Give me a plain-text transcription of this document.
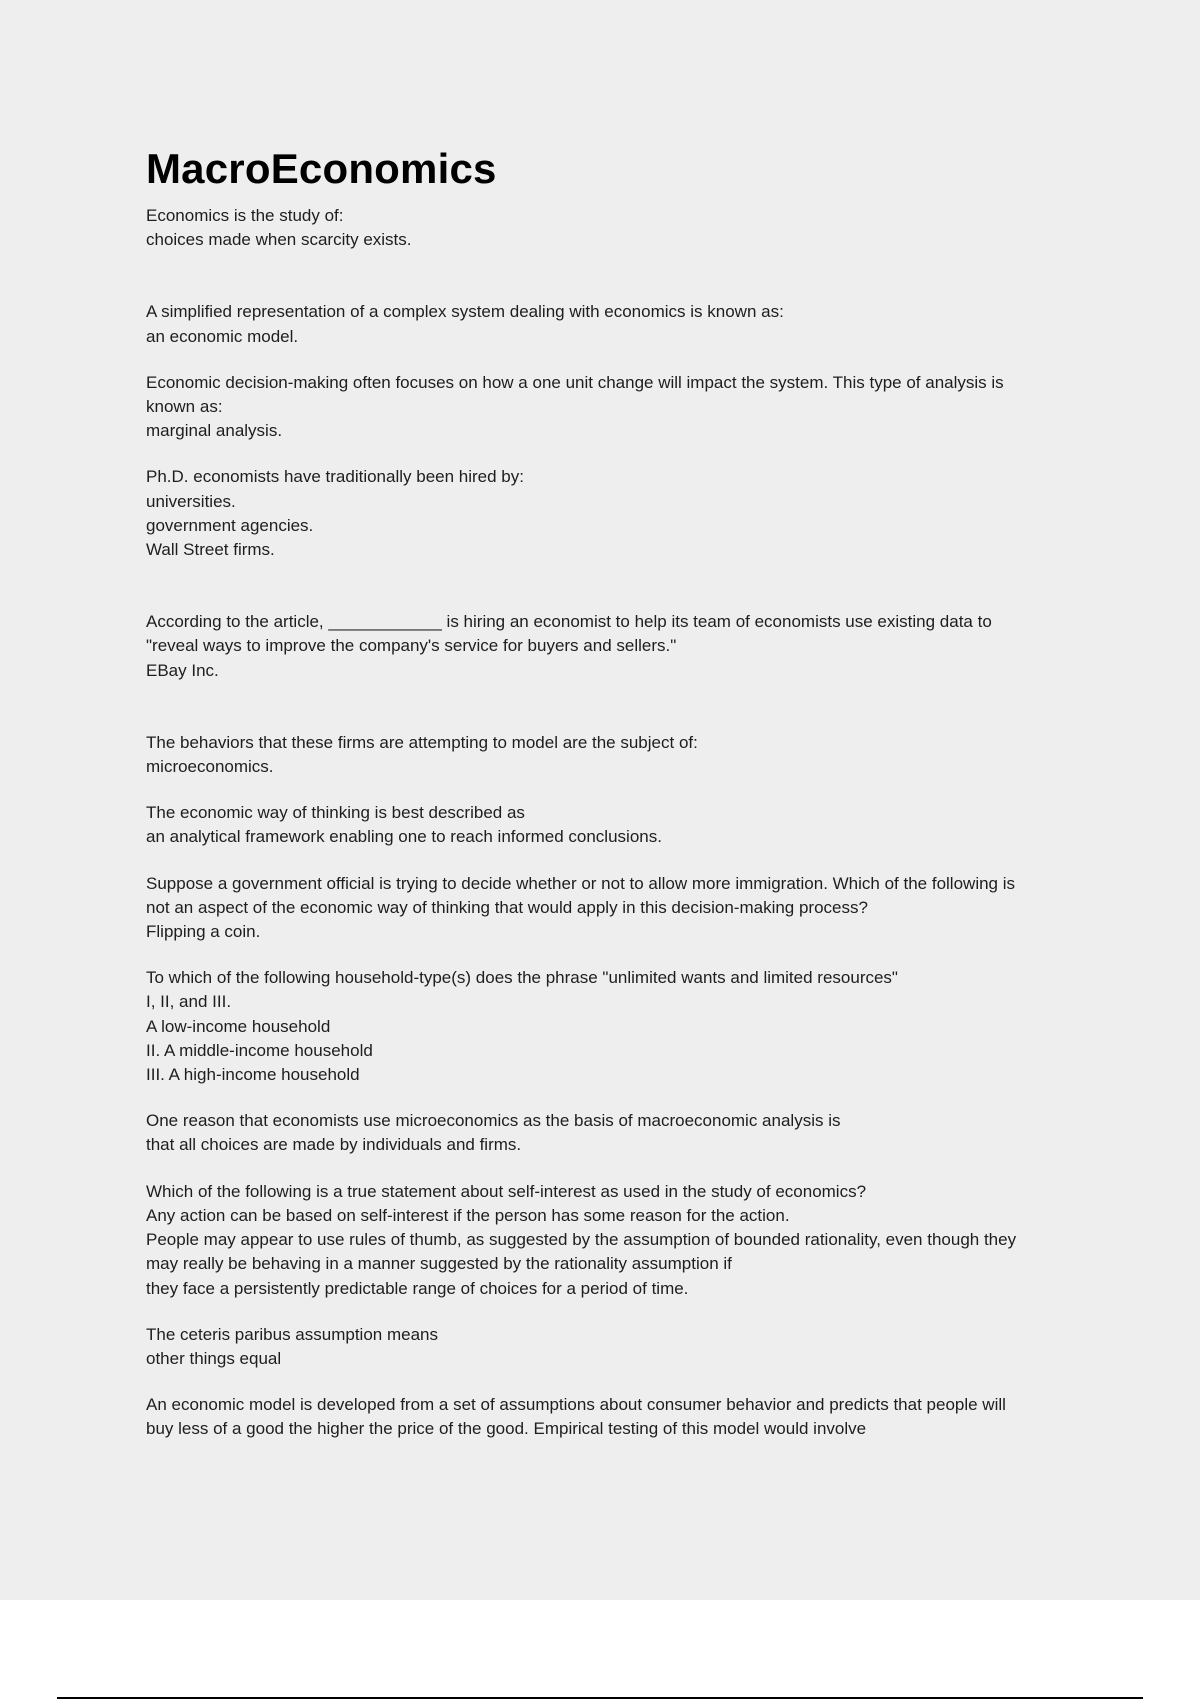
MacroEconomics

Economics is the study of:
choices made when scarcity exists.

A simplified representation of a complex system dealing with economics is known as:
an economic model.

Economic decision-making often focuses on how a one unit change will impact the system. This type of analysis is
known as:
marginal analysis.

Ph.D. economists have traditionally been hired by:
universities.
government agencies.
Wall Street firms.

According to the article, ____________ is hiring an economist to help its team of economists use existing data to
"reveal ways to improve the company's service for buyers and sellers."
EBay Inc.

The behaviors that these firms are attempting to model are the subject of:
microeconomics.

The economic way of thinking is best described as
an analytical framework enabling one to reach informed conclusions.

Suppose a government official is trying to decide whether or not to allow more immigration. Which of the following is
not an aspect of the economic way of thinking that would apply in this decision-making process?
Flipping a coin.

To which of the following household-type(s) does the phrase "unlimited wants and limited resources"
I, II, and III.
A low-income household
II. A middle-income household
III. A high-income household

One reason that economists use microeconomics as the basis of macroeconomic analysis is
that all choices are made by individuals and firms.

Which of the following is a true statement about self-interest as used in the study of economics?
Any action can be based on self-interest if the person has some reason for the action.
People may appear to use rules of thumb, as suggested by the assumption of bounded rationality, even though they
may really be behaving in a manner suggested by the rationality assumption if
they face a persistently predictable range of choices for a period of time.

The ceteris paribus assumption means
other things equal

An economic model is developed from a set of assumptions about consumer behavior and predicts that people will
buy less of a good the higher the price of the good. Empirical testing of this model would involve
